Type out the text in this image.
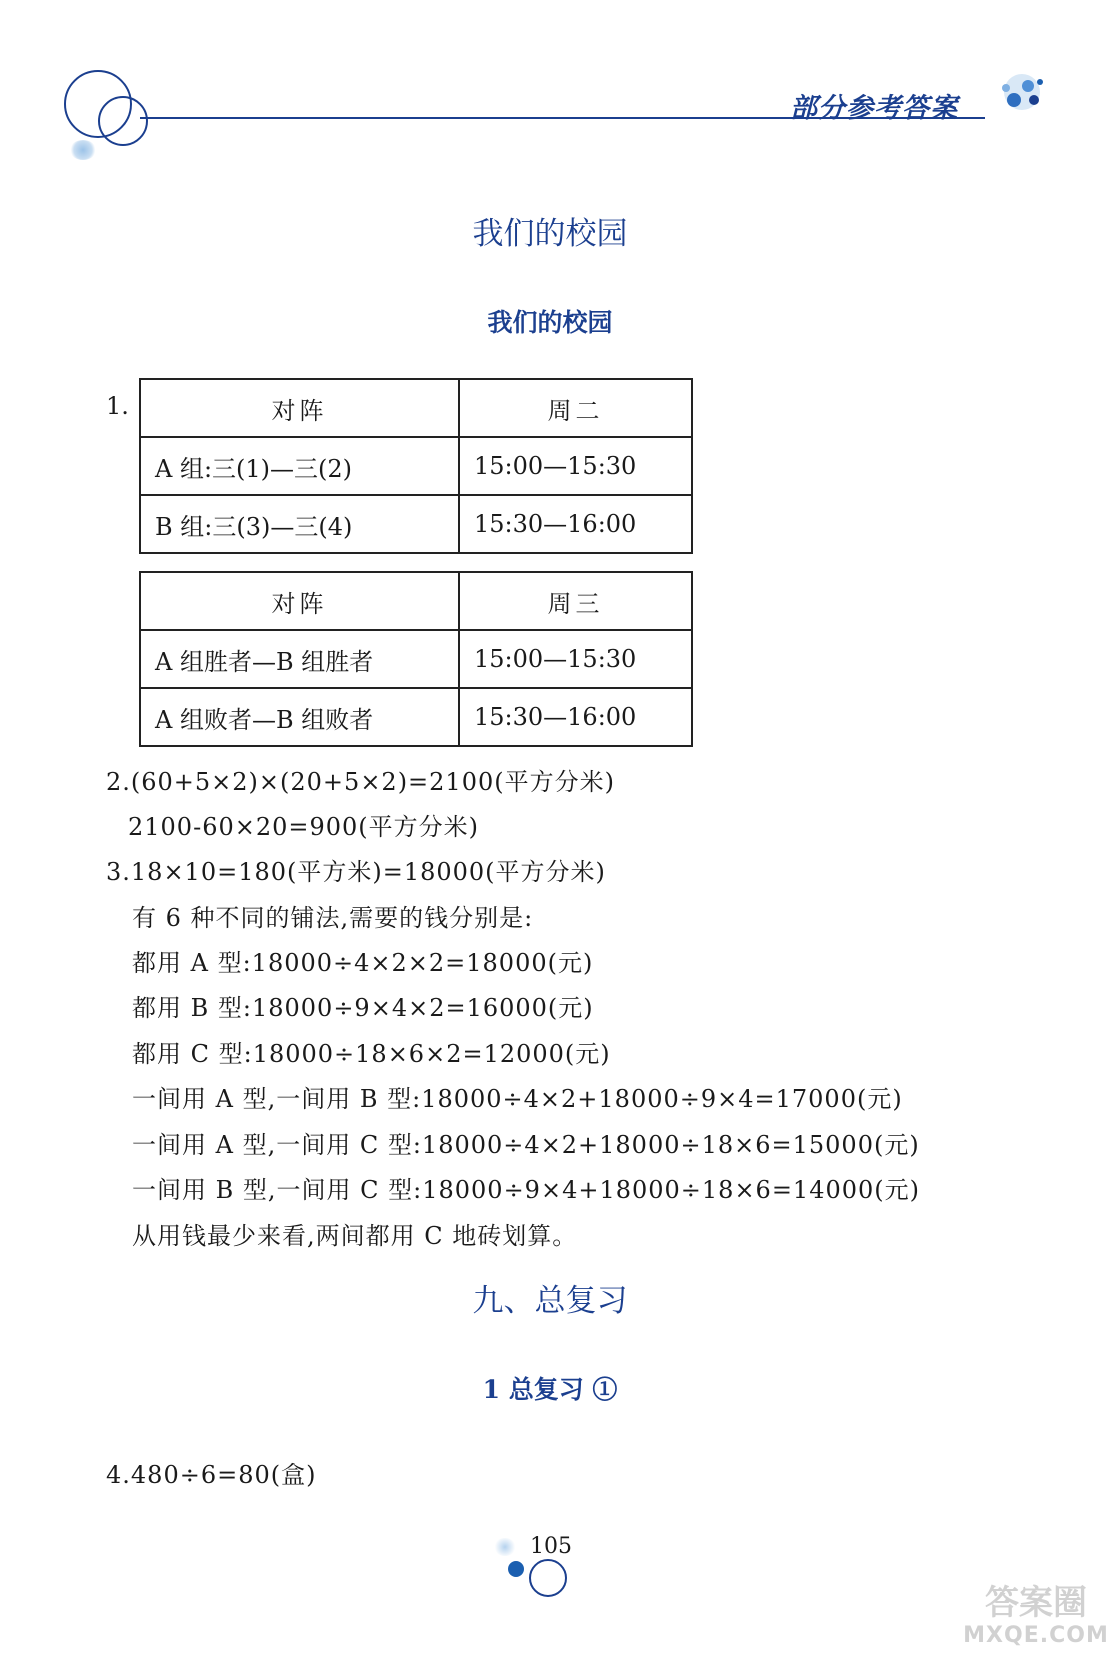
部分参考答案
我们的校园
我们的校园
1.	对阵	周二
A 组:三(1)—三(2)	15:00—15:30
B 组:三(3)—三(4)	15:30—16:00
对阵	周三
A 组胜者—B 组胜者	15:00—15:30
A 组败者—B 组败者	15:30—16:00
2.(60+5×2)×(20+5×2)=2100(平方分米)
2100-60×20=900(平方分米)
3.18×10=180(平方米)=18000(平方分米)
有 6 种不同的铺法,需要的钱分别是:
都用 A 型:18000÷4×2×2=18000(元)
都用 B 型:18000÷9×4×2=16000(元)
都用 C 型:18000÷18×6×2=12000(元)
一间用 A 型,一间用 B 型:18000÷4×2+18000÷9×4=17000(元)
一间用 A 型,一间用 C 型:18000÷4×2+18000÷18×6=15000(元)
一间用 B 型,一间用 C 型:18000÷9×4+18000÷18×6=14000(元)
从用钱最少来看,两间都用 C 地砖划算。
九、总复习
1 总复习 ①
4.480÷6=80(盒)
105
答案圈
MXQE.COM
